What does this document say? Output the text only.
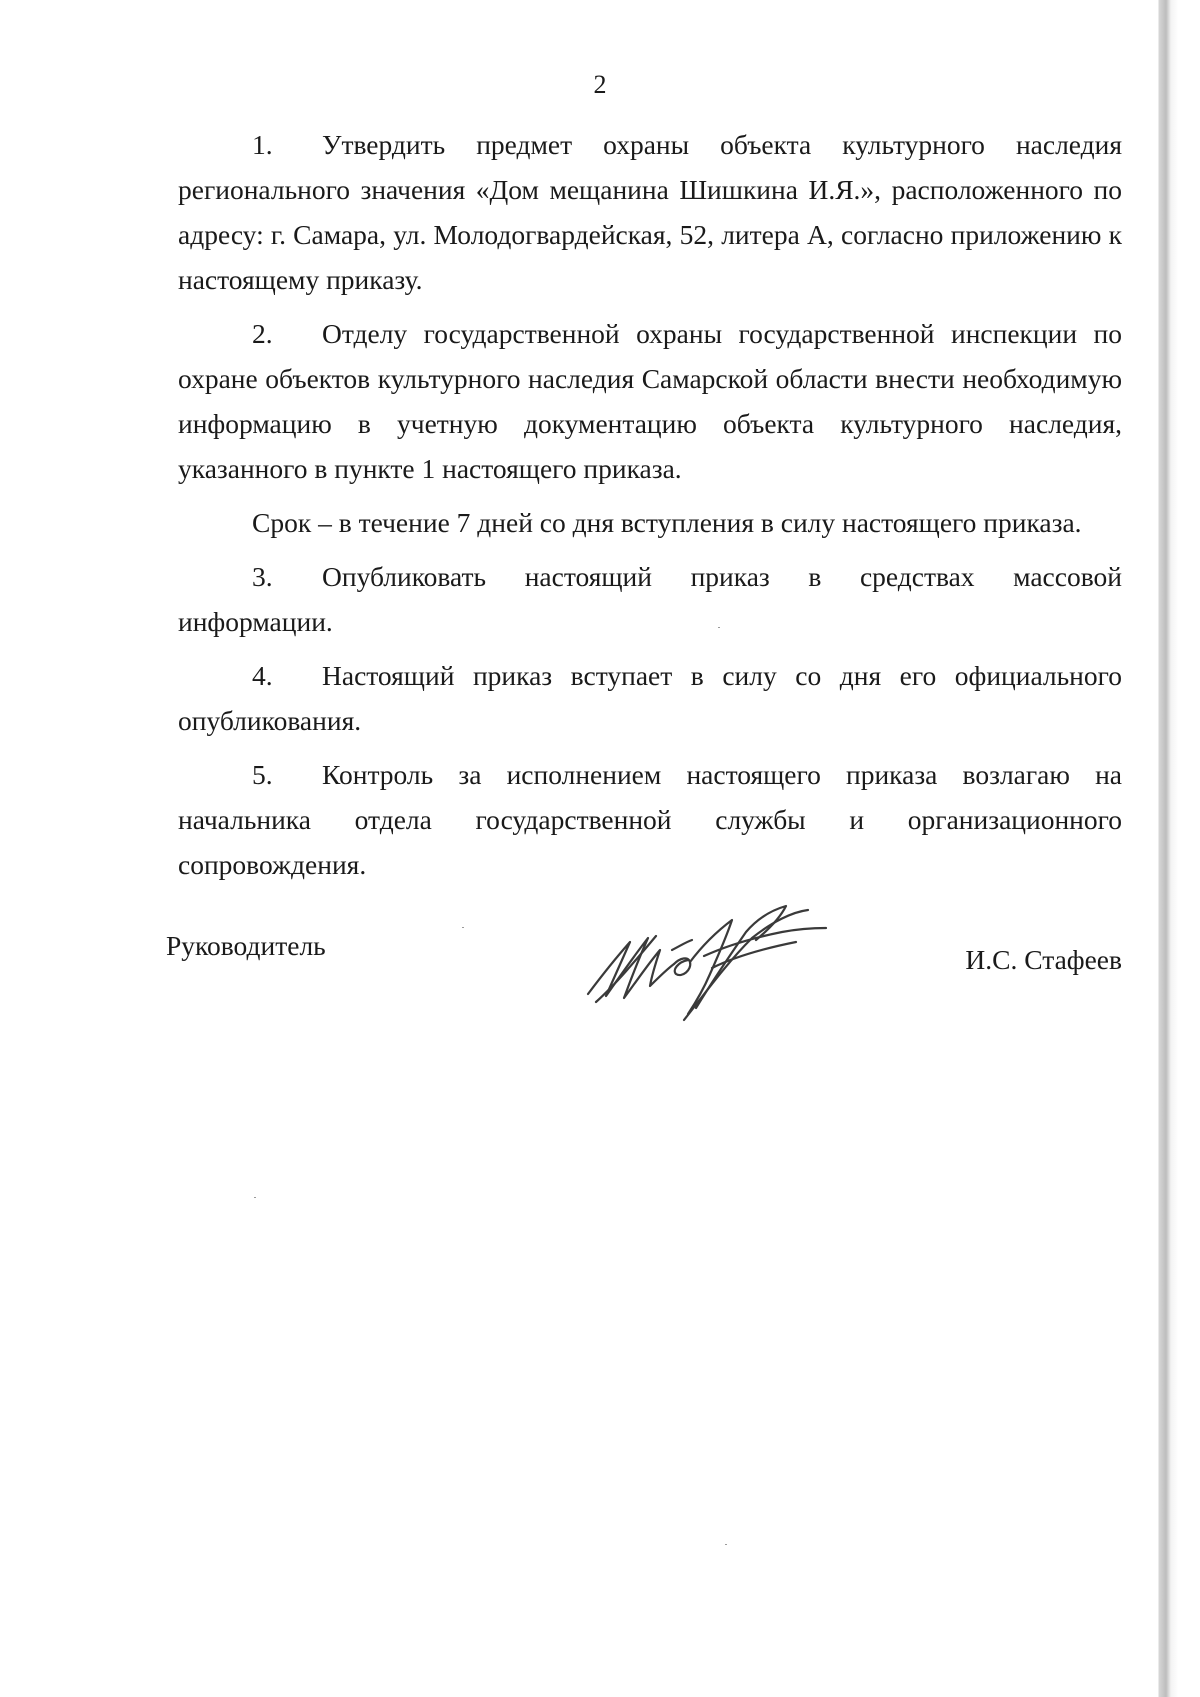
2

1. Утвердить предмет охраны объекта культурного наследия регионального значения «Дом мещанина Шишкина И.Я.», расположенного по адресу: г. Самара, ул. Молодогвардейская, 52, литера А, согласно приложению к настоящему приказу.

2. Отделу государственной охраны государственной инспекции по охране объектов культурного наследия Самарской области внести необходимую информацию в учетную документацию объекта культурного наследия, указанного в пункте 1 настоящего приказа.

Срок – в течение 7 дней со дня вступления в силу настоящего приказа.

3. Опубликовать настоящий приказ в средствах массовой информации.

4. Настоящий приказ вступает в силу со дня его официального опубликования.

5. Контроль за исполнением настоящего приказа возлагаю на начальника отдела государственной службы и организационного сопровождения.

Руководитель	И.С. Стафеев
